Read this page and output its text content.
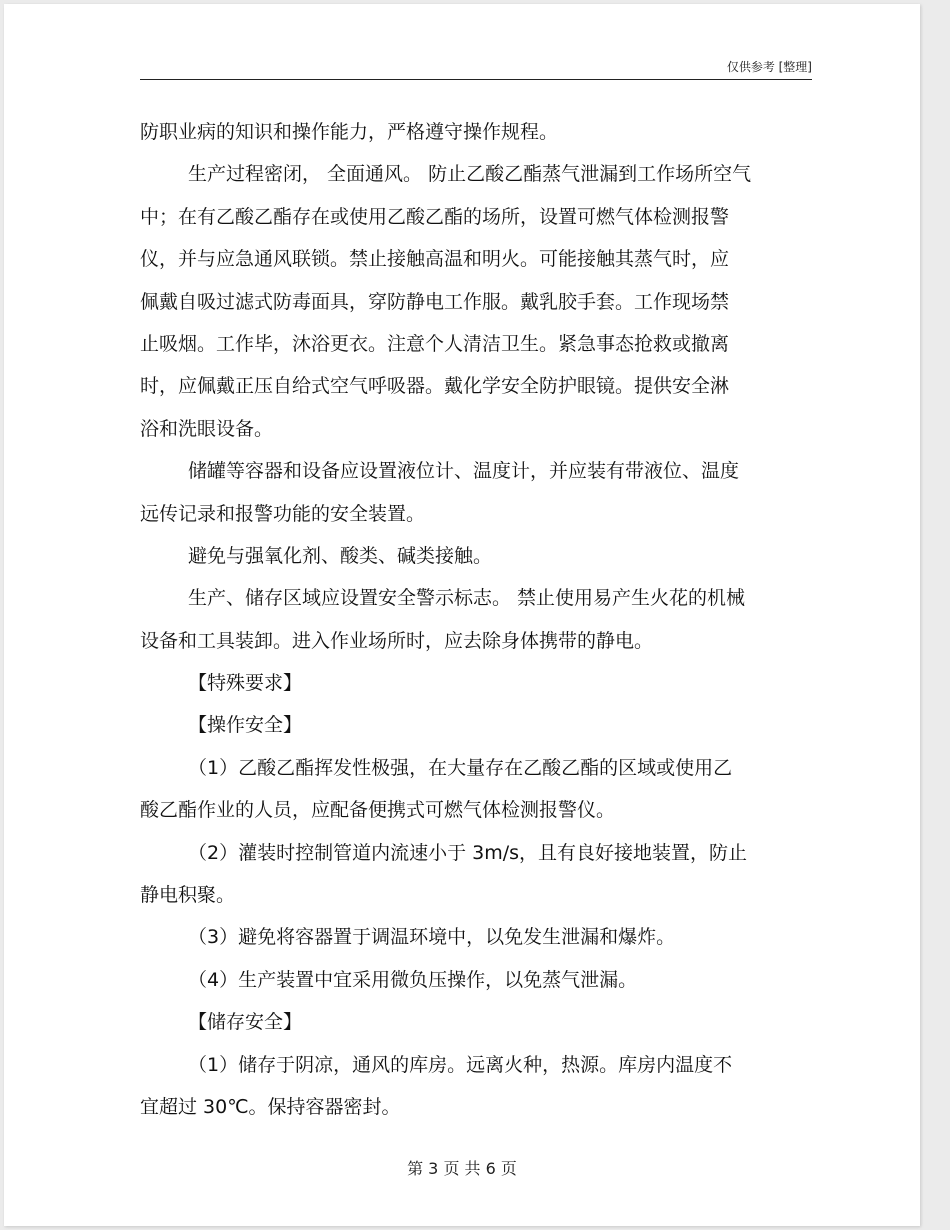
仅供参考 [整理]
防职业病的知识和操作能力，严格遵守操作规程。
生产过程密闭， 全面通风。 防止乙酸乙酯蒸气泄漏到工作场所空气
中；在有乙酸乙酯存在或使用乙酸乙酯的场所，设置可燃气体检测报警
仪，并与应急通风联锁。禁止接触高温和明火。可能接触其蒸气时，应
佩戴自吸过滤式防毒面具，穿防静电工作服。戴乳胶手套。工作现场禁
止吸烟。工作毕，沐浴更衣。注意个人清洁卫生。紧急事态抢救或撤离
时，应佩戴正压自给式空气呼吸器。戴化学安全防护眼镜。提供安全淋
浴和洗眼设备。
储罐等容器和设备应设置液位计、温度计，并应装有带液位、温度
远传记录和报警功能的安全装置。
避免与强氧化剂、酸类、碱类接触。
生产、储存区域应设置安全警示标志。 禁止使用易产生火花的机械
设备和工具装卸。进入作业场所时，应去除身体携带的静电。
【特殊要求】
【操作安全】
（1）乙酸乙酯挥发性极强，在大量存在乙酸乙酯的区域或使用乙
酸乙酯作业的人员，应配备便携式可燃气体检测报警仪。
（2）灌装时控制管道内流速小于 3m/s，且有良好接地装置，防止
静电积聚。
（3）避免将容器置于调温环境中，以免发生泄漏和爆炸。
（4）生产装置中宜采用微负压操作，以免蒸气泄漏。
【储存安全】
（1）储存于阴凉，通风的库房。远离火种，热源。库房内温度不
宜超过 30℃。保持容器密封。
第 3 页 共 6 页
